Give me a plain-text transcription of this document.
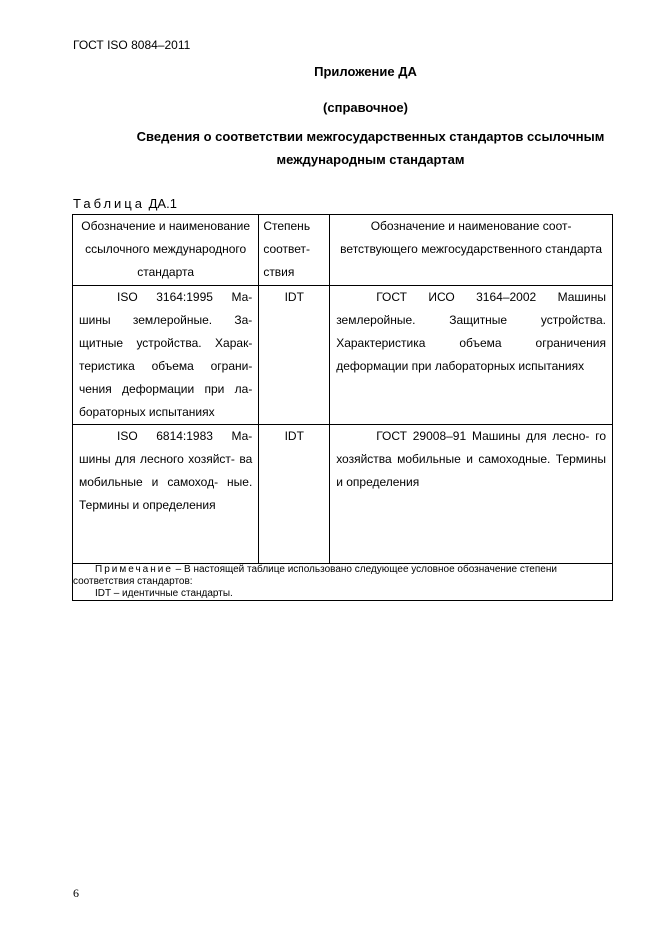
ГОСТ ISO 8084–2011
Приложение ДА
(справочное)
Сведения о соответствии межгосударственных стандартов ссылочным международным стандартам
Таблица ДА.1
Обозначение и наименование ссылочного международного стандарта	Степень соответ- ствия	Обозначение и наименование соот- ветствующего межгосударственного стандарта

ISO 3164:1995 Ма- шины землеройные. За- щитные устройства. Харак- теристика объема ограни- чения деформации при ла- бораторных испытаниях	IDT	ГОСТ ИСО 3164–2002 Машины землеройные. Защитные устройства. Характеристика объема ограничения деформации при лабораторных испытаниях

ISO 6814:1983 Ма- шины для лесного хозяйст- ва мобильные и самоход- ные. Термины и определения	IDT	ГОСТ 29008–91 Машины для лесно- го хозяйства мобильные и самоходные. Термины и определения

Примечание – В настоящей таблице использовано следующее условное обозначение степени соответствия стандартов:
IDT – идентичные стандарты.		
6
